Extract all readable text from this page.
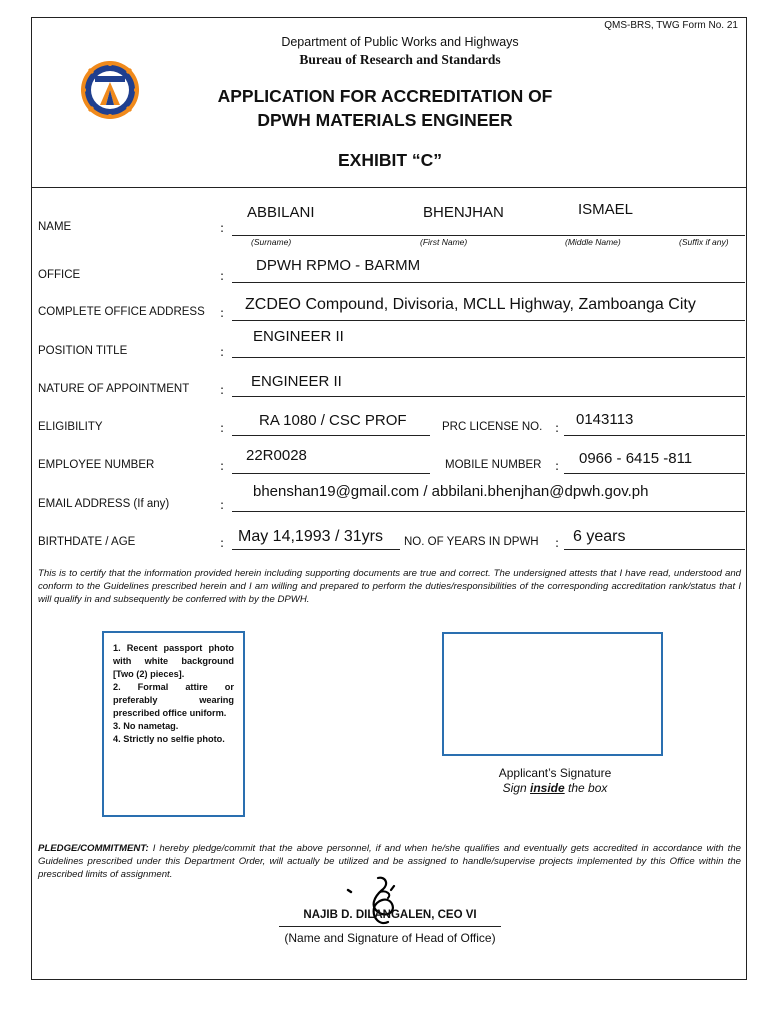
QMS-BRS, TWG Form No. 21
Department of Public Works and Highways
Bureau of Research and Standards
APPLICATION FOR ACCREDITATION OF
DPWH MATERIALS ENGINEER
EXHIBIT “C”
NAME	:
ABBILANI	BHENJHAN	ISMAEL
(Surname)	(First Name)	(Middle Name)	(Suffix if any)
OFFICE	:
DPWH RPMO - BARMM
COMPLETE OFFICE ADDRESS : ZCDEO Compound, Divisoria, MCLL Highway, Zamboanga City
POSITION TITLE	:
ENGINEER II
NATURE OF APPOINTMENT	: ENGINEER II
ELIGIBILITY	: RA 1080 / CSC PROF	PRC LICENSE NO. : 0143113
EMPLOYEE NUMBER	:
22R0028
MOBILE NUMBER : 0966 - 6415 -811
EMAIL ADDRESS (If any)	:
bhenshan19@gmail.com / abbilani.bhenjhan@dpwh.gov.ph
BIRTHDATE / AGE	: May 14,1993 / 31yrs NO. OF YEARS IN DPWH : 6 years
This is to certify that the information provided herein including supporting documents are true and correct. The undersigned attests that I have read, understood and conform to the Guidelines prescribed herein and I am willing and prepared to perform the duties/responsibilities of the corresponding accreditation rank/status that I will qualify in and subsequently be conferred with by the DPWH.
1. Recent passport photo with white background [Two (2) pieces].
2. Formal attire or preferably wearing prescribed office uniform.
3. No nametag.
4. Strictly no selfie photo.
Applicant’s Signature
Sign inside the box
PLEDGE/COMMITMENT: I hereby pledge/commit that the above personnel, if and when he/she qualifies and eventually gets accredited in accordance with the Guidelines prescribed under this Department Order, will actually be utilized and be assigned to handle/supervise projects implemented by this Office within the prescribed limits of assignment.
NAJIB D. DILANGALEN, CEO VI
(Name and Signature of Head of Office)
